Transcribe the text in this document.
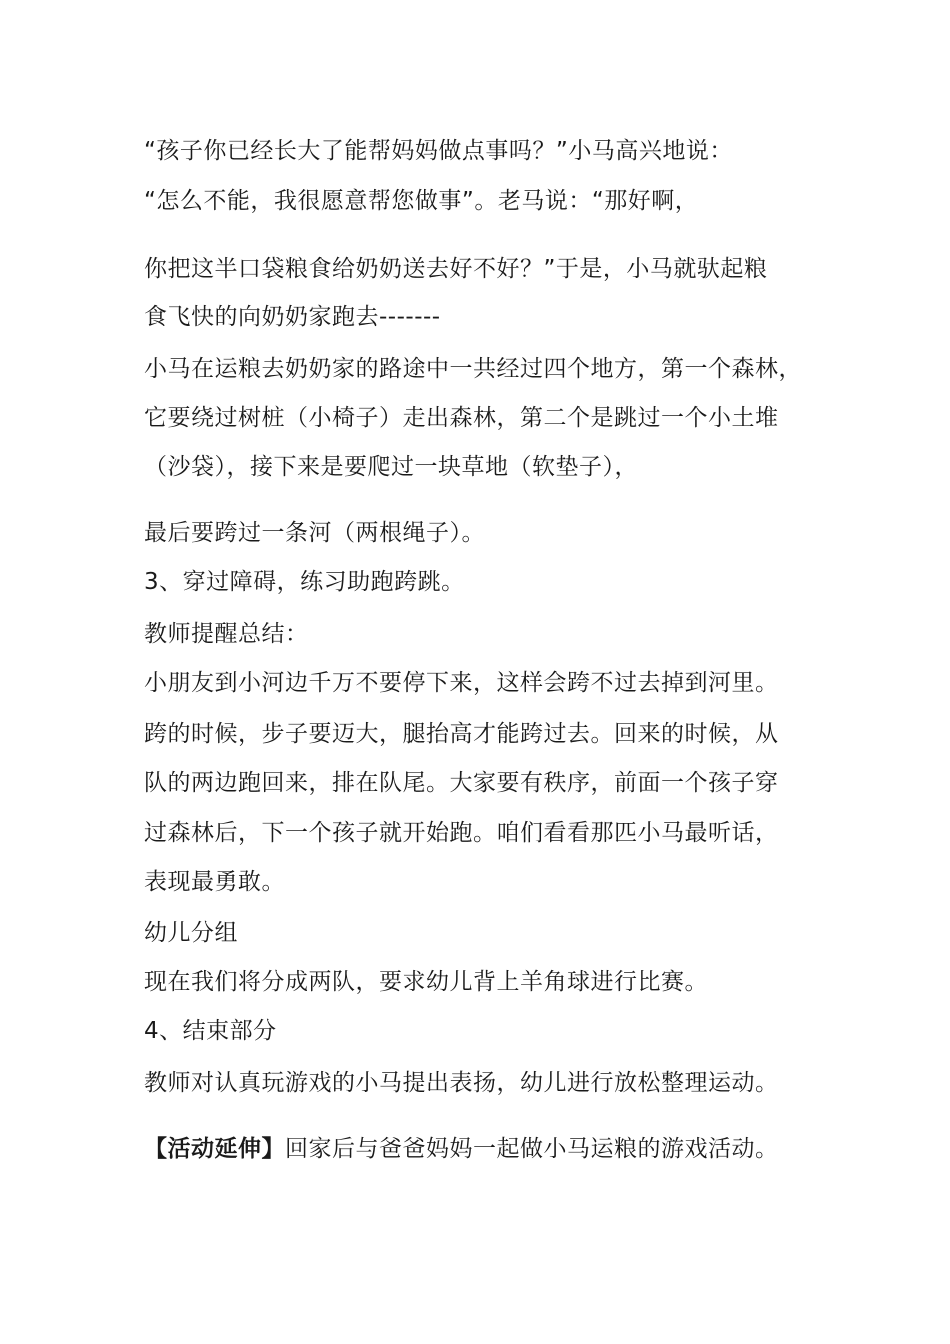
“孩子你已经长大了能帮妈妈做点事吗？”小马高兴地说：
“怎么不能，我很愿意帮您做事”。老马说：“那好啊，
你把这半口袋粮食给奶奶送去好不好？”于是，小马就驮起粮
食飞快的向奶奶家跑去-------
小马在运粮去奶奶家的路途中一共经过四个地方，第一个森林，
它要绕过树桩（小椅子）走出森林，第二个是跳过一个小土堆
（沙袋），接下来是要爬过一块草地（软垫子），
最后要跨过一条河（两根绳子）。
3、穿过障碍，练习助跑跨跳。
教师提醒总结：
小朋友到小河边千万不要停下来，这样会跨不过去掉到河里。
跨的时候，步子要迈大，腿抬高才能跨过去。回来的时候，从
队的两边跑回来，排在队尾。大家要有秩序，前面一个孩子穿
过森林后，下一个孩子就开始跑。咱们看看那匹小马最听话，
表现最勇敢。
幼儿分组
现在我们将分成两队，要求幼儿背上羊角球进行比赛。
4、结束部分
教师对认真玩游戏的小马提出表扬，幼儿进行放松整理运动。
【活动延伸】回家后与爸爸妈妈一起做小马运粮的游戏活动。
